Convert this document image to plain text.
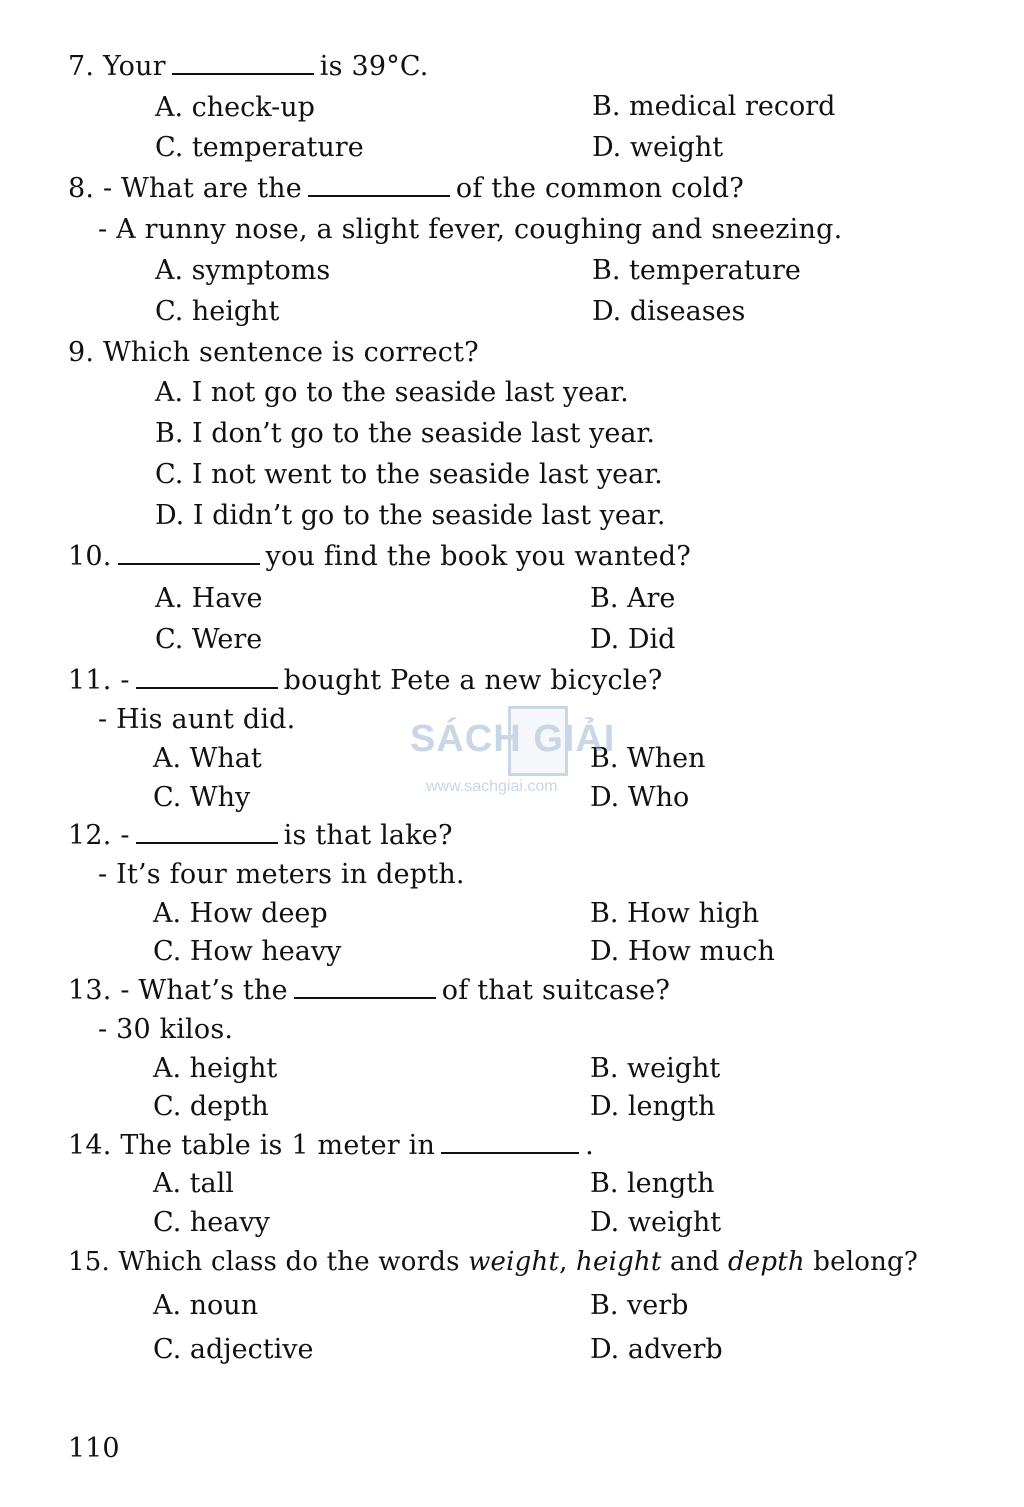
7. Your	is 39°C.
A. check-up	B. medical record
C. temperature	D. weight
8. - What are the	of the common cold?
- A runny nose, a slight fever, coughing and sneezing.
A. symptoms	B. temperature
C. height	D. diseases
9. Which sentence is correct?
A. I not go to the seaside last year.
B. I don’t go to the seaside last year.
C. I not went to the seaside last year.
D. I didn’t go to the seaside last year.
10.	you find the book you wanted?
A. Have	B. Are
C. Were	D. Did
11. -	bought Pete a new bicycle?
- His aunt did.
A. What	B. When
C. Why	D. Who
12. -	is that lake?
- It’s four meters in depth.
A. How deep	B. How high
C. How heavy	D. How much
13. - What’s the	of that suitcase?
- 30 kilos.
A. height	B. weight
C. depth	D. length
14. The table is 1 meter in	.
A. tall	B. length
C. heavy	D. weight
15. Which class do the words weight, height and depth belong?
A. noun	B. verb
C. adjective	D. adverb
110
SÁCH GIẢI
www.sachgiai.com
